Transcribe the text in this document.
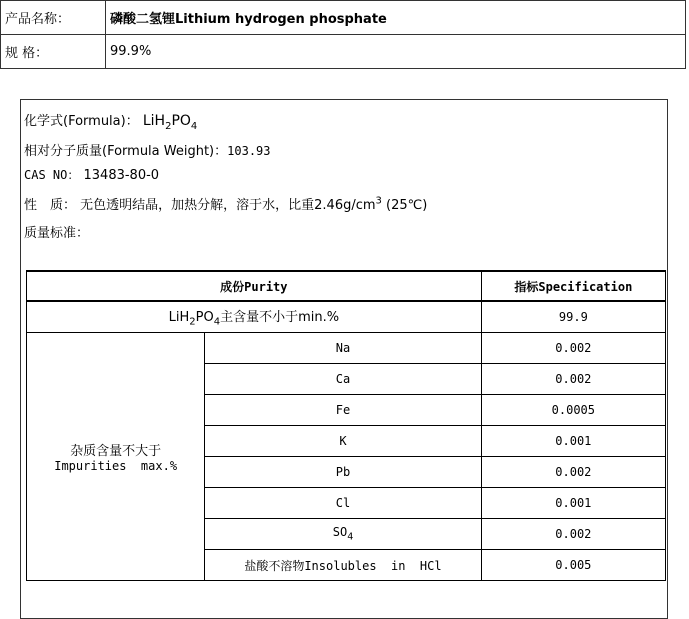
产品名称：	磷酸二氢锂Lithium hydrogen phosphate
规 格：	99.9%
化学式(Formula)： $LiH_2PO_4$
相对分子质量(Formula Weight)：103.93
CAS NO： 13483-80-0
性　质： 无色透明结晶，加热分解，溶于水，比重$2.46g/cm^3$ (25℃)
质量标准：
成份Purity		指标Specification
$LiH_2PO_4$主含量不小于min.%		99.9

杂质含量不大于
Impurities  max.%	Na	0.002
	Ca	0.002
	Fe	0.0005
	K	0.001
	Pb	0.002
	Cl	0.001
	$SO_4$	0.002
	盐酸不溶物Insolubles  in  HCl	0.005
